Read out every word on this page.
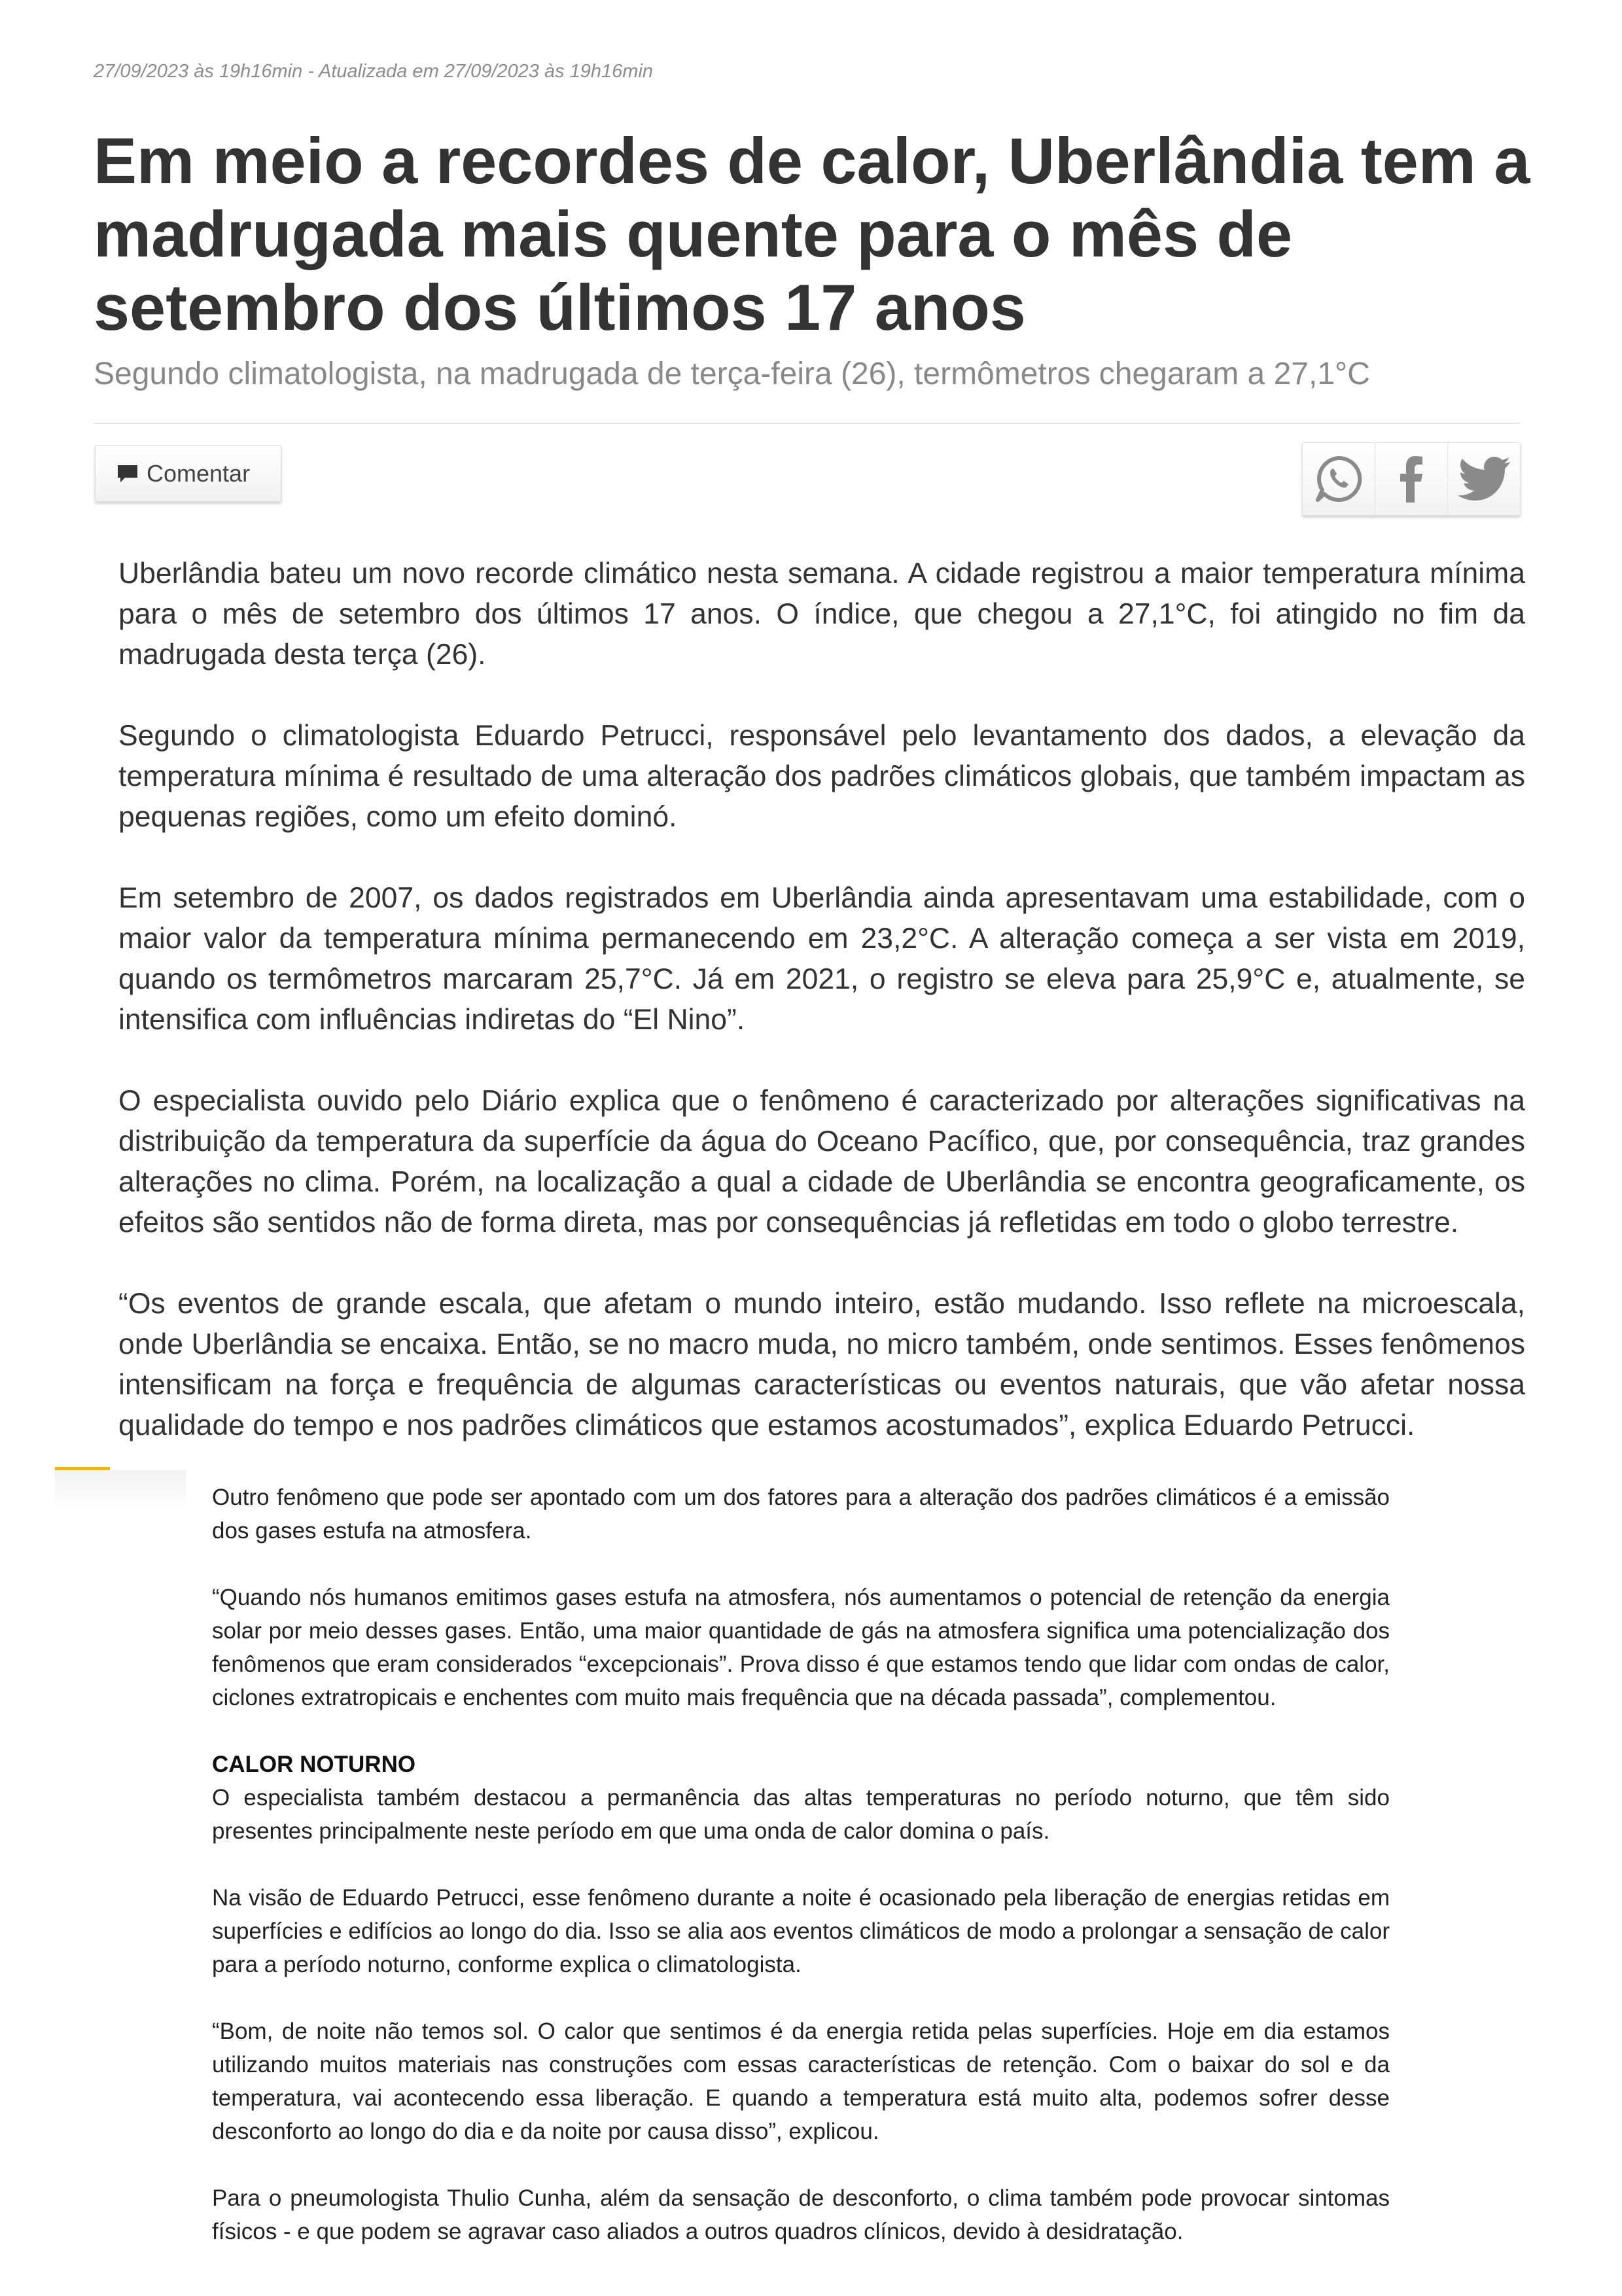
27/09/2023 às 19h16min - Atualizada em 27/09/2023 às 19h16min
Em meio a recordes de calor, Uberlândia tem a madrugada mais quente para o mês de setembro dos últimos 17 anos

Segundo climatologista, na madrugada de terça-feira (26), termômetros chegaram a 27,1°C

Comentar

Uberlândia bateu um novo recorde climático nesta semana. A cidade registrou a maior temperatura mínima para o mês de setembro dos últimos 17 anos. O índice, que chegou a 27,1°C, foi atingido no fim da madrugada desta terça (26).

Segundo o climatologista Eduardo Petrucci, responsável pelo levantamento dos dados, a elevação da temperatura mínima é resultado de uma alteração dos padrões climáticos globais, que também impactam as pequenas regiões, como um efeito dominó.

Em setembro de 2007, os dados registrados em Uberlândia ainda apresentavam uma estabilidade, com o maior valor da temperatura mínima permanecendo em 23,2°C. A alteração começa a ser vista em 2019, quando os termômetros marcaram 25,7°C. Já em 2021, o registro se eleva para 25,9°C e, atualmente, se intensifica com influências indiretas do “El Nino”.

O especialista ouvido pelo Diário explica que o fenômeno é caracterizado por alterações significativas na distribuição da temperatura da superfície da água do Oceano Pacífico, que, por consequência, traz grandes alterações no clima. Porém, na localização a qual a cidade de Uberlândia se encontra geograficamente, os efeitos são sentidos não de forma direta, mas por consequências já refletidas em todo o globo terrestre.

“Os eventos de grande escala, que afetam o mundo inteiro, estão mudando. Isso reflete na microescala, onde Uberlândia se encaixa. Então, se no macro muda, no micro também, onde sentimos. Esses fenômenos intensificam na força e frequência de algumas características ou eventos naturais, que vão afetar nossa qualidade do tempo e nos padrões climáticos que estamos acostumados”, explica Eduardo Petrucci.

Outro fenômeno que pode ser apontado com um dos fatores para a alteração dos padrões climáticos é a emissão dos gases estufa na atmosfera.

“Quando nós humanos emitimos gases estufa na atmosfera, nós aumentamos o potencial de retenção da energia solar por meio desses gases. Então, uma maior quantidade de gás na atmosfera significa uma potencialização dos fenômenos que eram considerados “excepcionais”. Prova disso é que estamos tendo que lidar com ondas de calor, ciclones extratropicais e enchentes com muito mais frequência que na década passada”, complementou.

CALOR NOTURNO

O especialista também destacou a permanência das altas temperaturas no período noturno, que têm sido presentes principalmente neste período em que uma onda de calor domina o país.

Na visão de Eduardo Petrucci, esse fenômeno durante a noite é ocasionado pela liberação de energias retidas em superfícies e edifícios ao longo do dia. Isso se alia aos eventos climáticos de modo a prolongar a sensação de calor para a período noturno, conforme explica o climatologista.

“Bom, de noite não temos sol. O calor que sentimos é da energia retida pelas superfícies. Hoje em dia estamos utilizando muitos materiais nas construções com essas características de retenção. Com o baixar do sol e da temperatura, vai acontecendo essa liberação. E quando a temperatura está muito alta, podemos sofrer desse desconforto ao longo do dia e da noite por causa disso”, explicou.

Para o pneumologista Thulio Cunha, além da sensação de desconforto, o clima também pode provocar sintomas físicos - e que podem se agravar caso aliados a outros quadros clínicos, devido à desidratação.
